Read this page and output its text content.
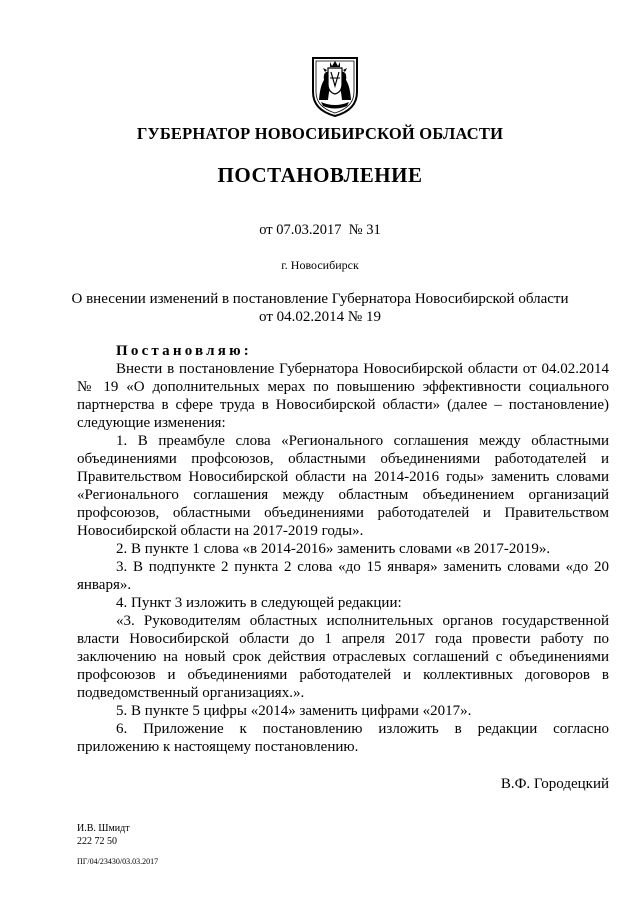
ГУБЕРНАТОР НОВОСИБИРСКОЙ ОБЛАСТИ
ПОСТАНОВЛЕНИЕ
от 07.03.2017  № 31
г. Новосибирск
О внесении изменений в постановление Губернатора Новосибирской области
от 04.02.2014 № 19

Постановляю:

Внести в постановление Губернатора Новосибирской области от 04.02.2014 № 19 «О дополнительных мерах по повышению эффективности социального партнерства в сфере труда в Новосибирской области» (далее – постановление) следующие изменения:

1. В преамбуле слова «Регионального соглашения между областными объединениями профсоюзов, областными объединениями работодателей и Правительством Новосибирской области на 2014-2016 годы» заменить словами «Регионального соглашения между областным объединением организаций профсоюзов, областными объединениями работодателей и Правительством Новосибирской области на 2017-2019 годы».

2. В пункте 1 слова «в 2014-2016» заменить словами «в 2017-2019».

3. В подпункте 2 пункта 2 слова «до 15 января» заменить словами «до 20 января».

4. Пункт 3 изложить в следующей редакции:

«3. Руководителям областных исполнительных органов государственной власти Новосибирской области до 1 апреля 2017 года провести работу по заключению на новый срок действия отраслевых соглашений с объединениями профсоюзов и объединениями работодателей и коллективных договоров в подведомственный организациях.».

5. В пункте 5 цифры «2014» заменить цифрами «2017».

6. Приложение к постановлению изложить в редакции согласно приложению к настоящему постановлению.

В.Ф. Городецкий
И.В. Шмидт
222 72 50
ПГ/04/23430/03.03.2017
